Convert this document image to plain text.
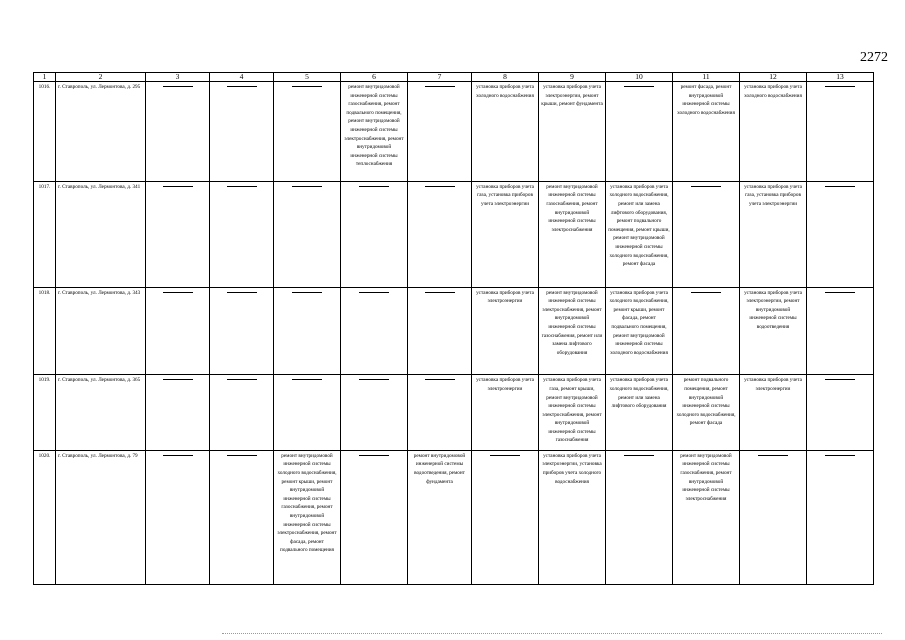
2272
1	2	3	4	5	6	7	8	9	10	11	12	13
1016.	г. Ставрополь, ул. Лермонтова, д. 295				ремонт внутридомовой инженерной системы газоснабжения, ремонт подвального помещения, ремонт внутридомовой инженерной системы электроснабжения, ремонт внутридомовой инженерной системы теплоснабжения		установка приборов учета холодного водоснабжения	установка приборов учета электроэнергии, ремонт крыши, ремонт фундамента		ремонт фасада, ремонт внутридомовой инженерной системы холодного водоснабжения	установка приборов учета холодного водоснабжения	

1017.	г. Ставрополь, ул. Лермонтова, д. 341						установка приборов учета газа, установка приборов учета электроэнергии	ремонт внутридомовой инженерной системы газоснабжения, ремонт внутридомовой инженерной системы электроснабжения	установка приборов учета холодного водоснабжения, ремонт или замена лифтового оборудования, ремонт подвального помещения, ремонт крыши, ремонт внутридомовой инженерной системы холодного водоснабжения, ремонт фасада		установка приборов учета газа, установка приборов учета электроэнергии	

1018.	г. Ставрополь, ул. Лермонтова, д. 343						установка приборов учета электроэнергии	ремонт внутридомовой инженерной системы электроснабжения, ремонт внутридомовой инженерной системы газоснабжения, ремонт или замена лифтового оборудования	установка приборов учета холодного водоснабжения, ремонт крыши, ремонт фасада, ремонт подвального помещения, ремонт внутридомовой инженерной системы холодного водоснабжения		установка приборов учета электроэнергии, ремонт внутридомовой инженерной системы водоотведения	

1019.	г. Ставрополь, ул. Лермонтова, д. 365						установка приборов учета электроэнергии	установка приборов учета газа, ремонт крыши, ремонт внутридомовой инженерной системы электроснабжения, ремонт внутридомовой инженерной системы газоснабжения	установка приборов учета холодного водоснабжения, ремонт или замена лифтового оборудования	ремонт подвального помещения, ремонт внутридомовой инженерной системы холодного водоснабжения, ремонт фасада	установка приборов учета электроэнергии	

1020.	г. Ставрополь, ул. Лермонтова, д. 79			ремонт внутридомовой инженерной системы холодного водоснабжения, ремонт крыши, ремонт внутридомовой инженерной системы газоснабжения, ремонт внутридомовой инженерной системы электроснабжения, ремонт фасада, ремонт подвального помещения		ремонт внутридомовой инженерной системы водоотведения, ремонт фундамента		установка приборов учета электроэнергии, установка приборов учета холодного водоснабжения		ремонт внутридомовой инженерной системы газоснабжения, ремонт внутридомовой инженерной системы электроснабжения	
